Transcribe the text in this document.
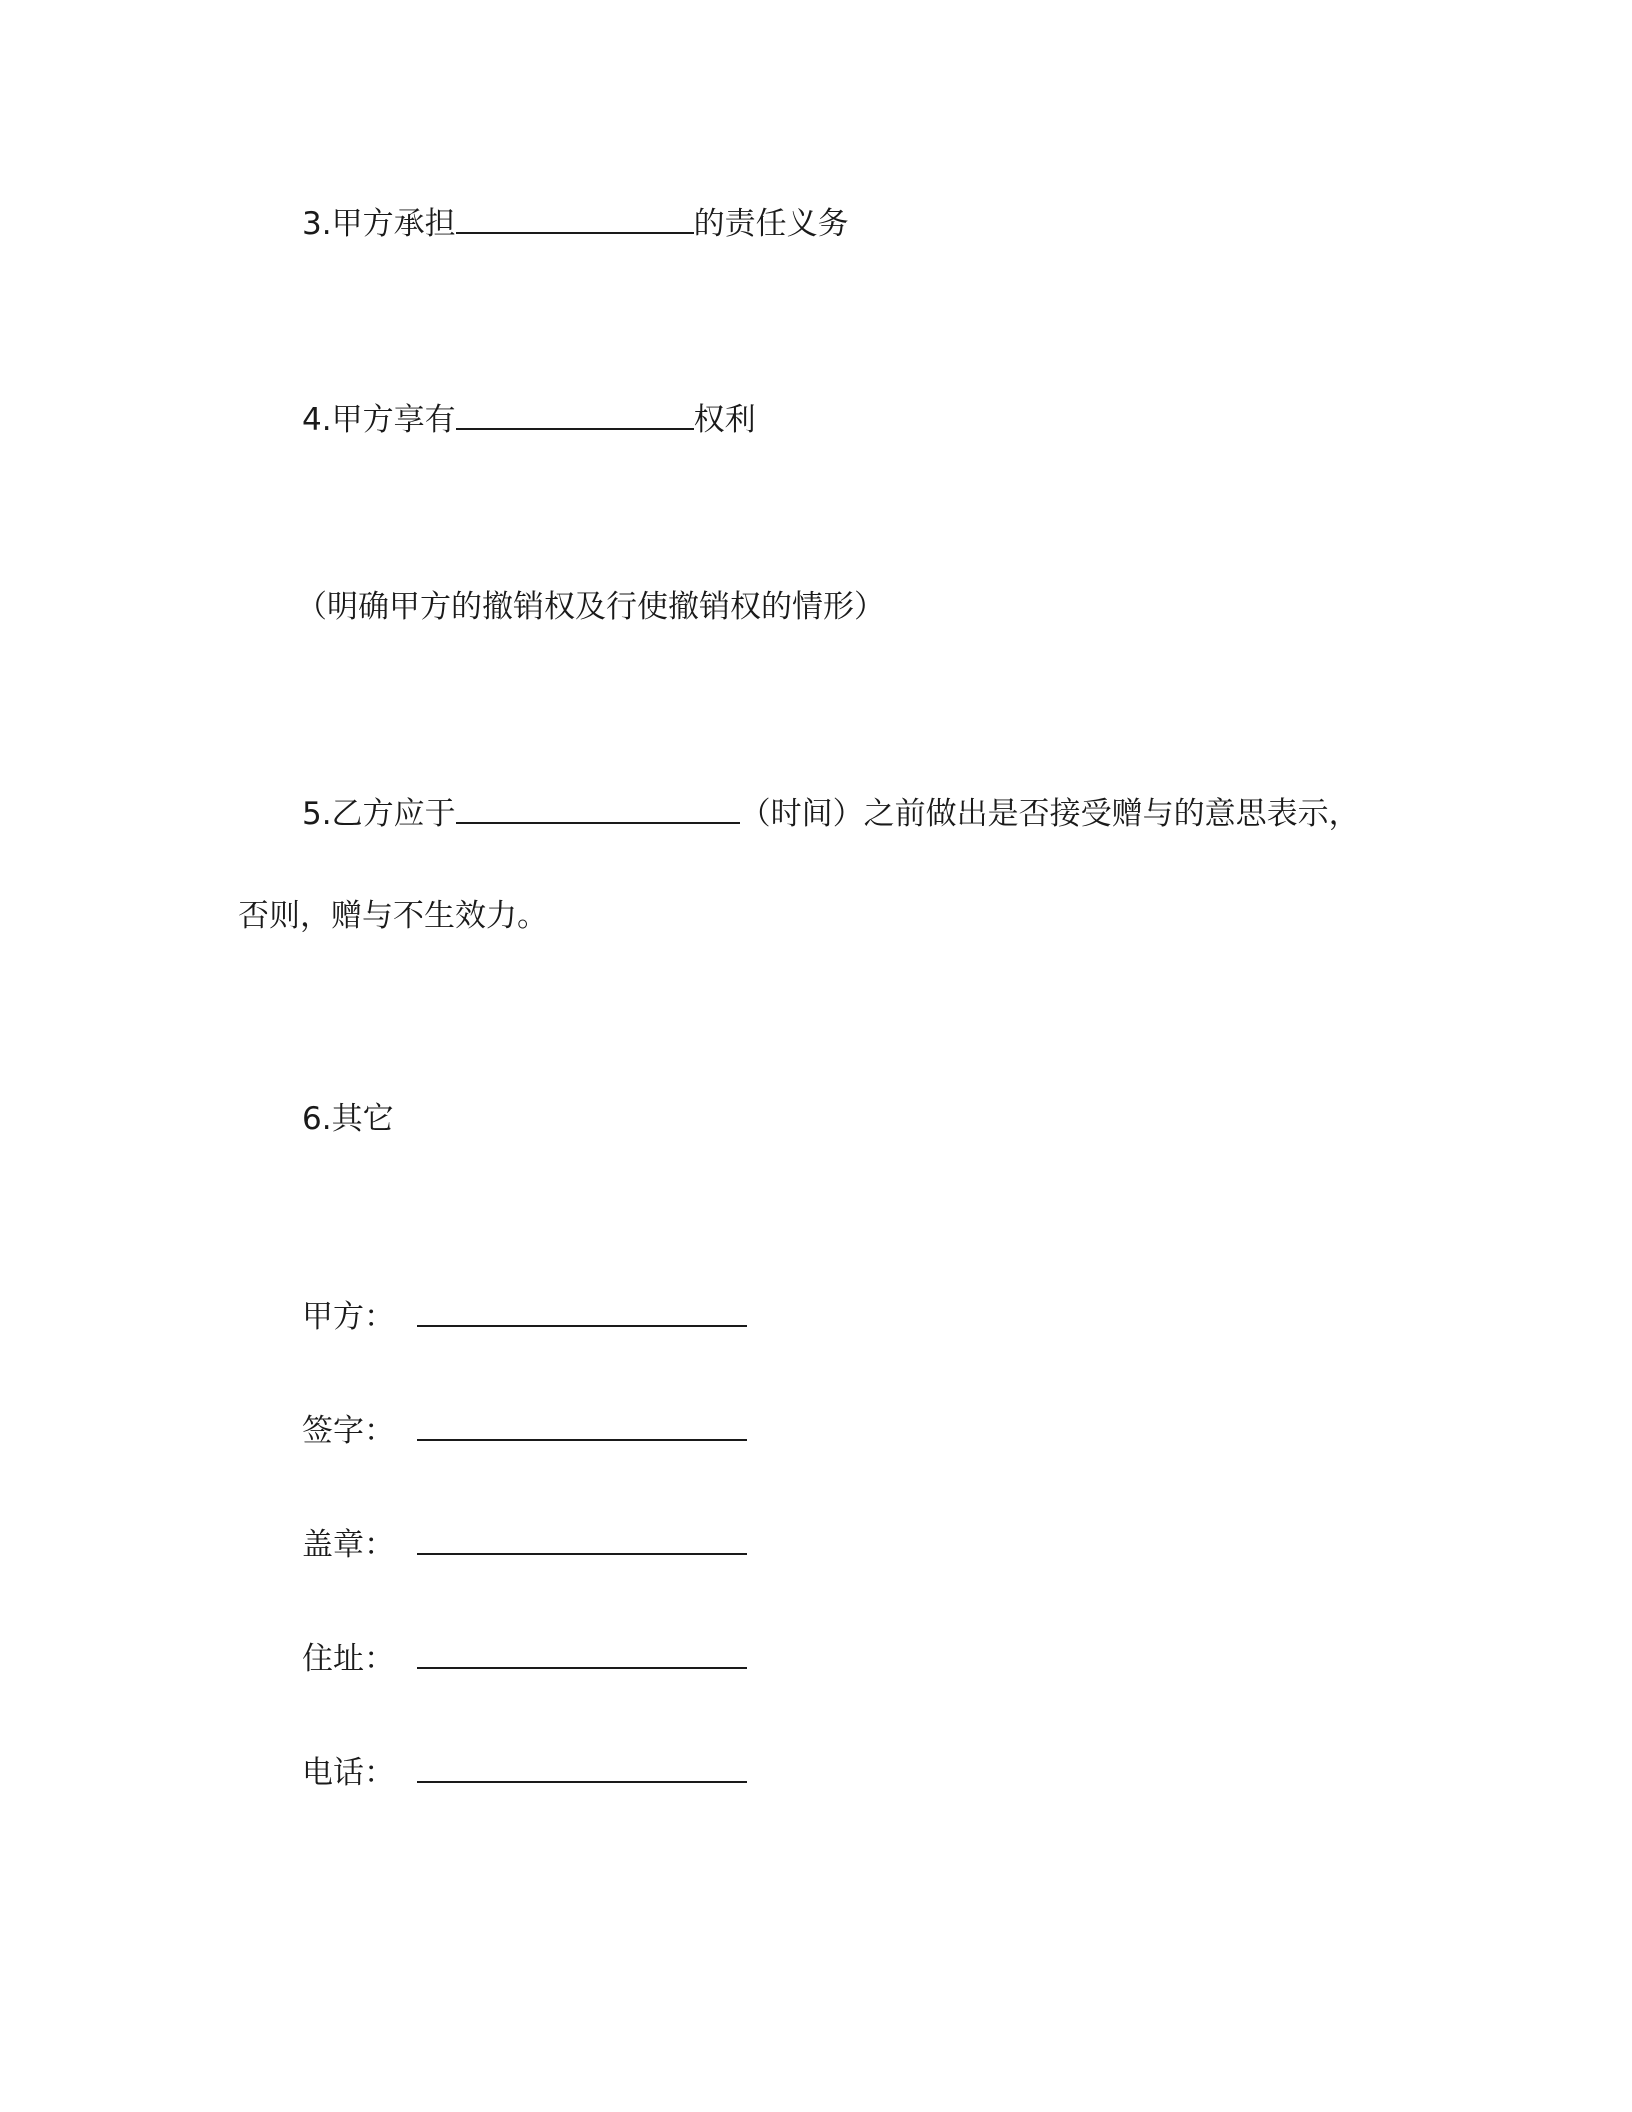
3.甲方承担	的责任义务
4.甲方享有	权利
（明确甲方的撤销权及行使撤销权的情形）
5.乙方应于	（时间）之前做出是否接受赠与的意思表示，
否则，赠与不生效力。
6.其它
甲方：
签字：
盖章：
住址：
电话：
